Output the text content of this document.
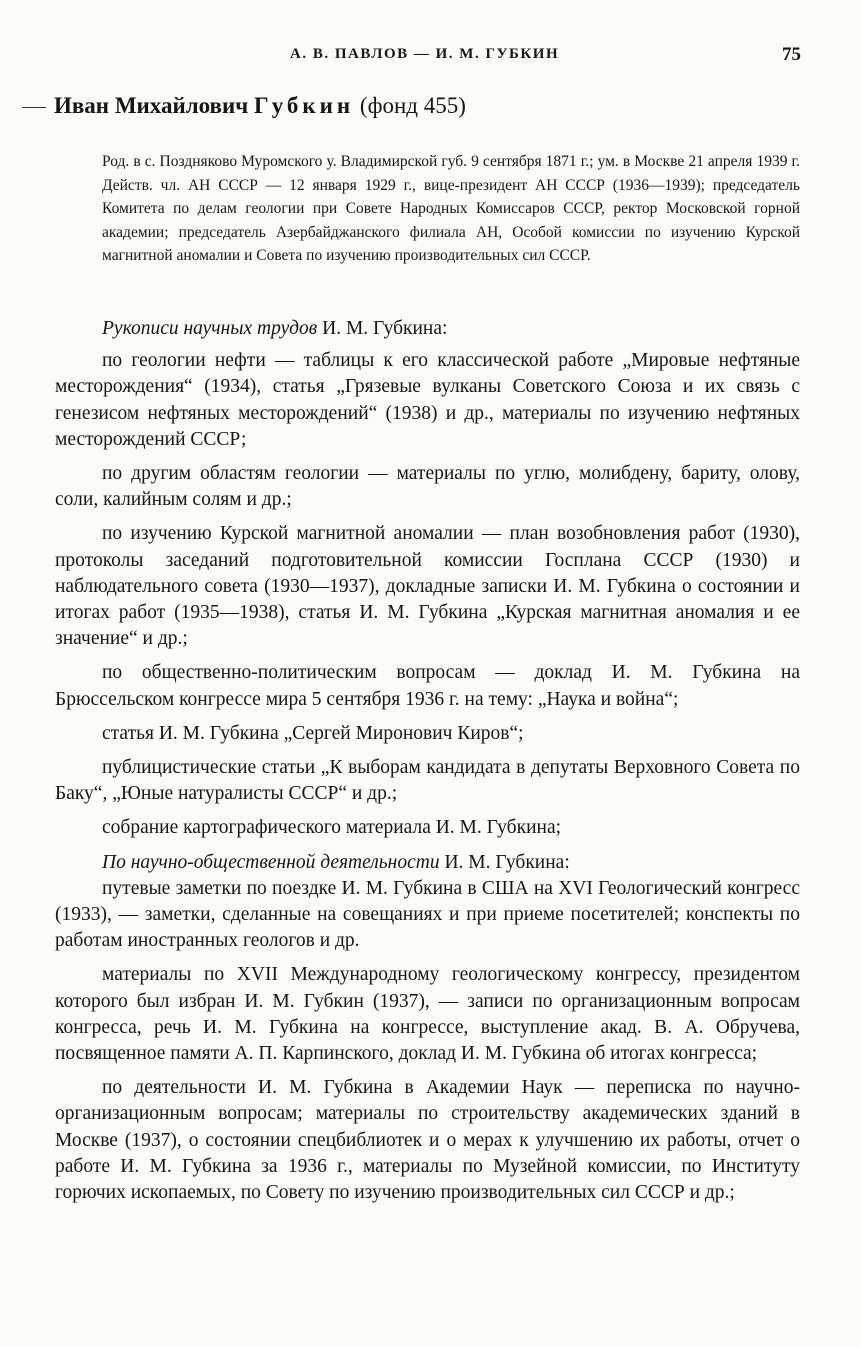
А. В. ПАВЛОВ — И. М. ГУБКИН	75
Иван Михайлович Губкин (фонд 455)
Род. в с. Поздняково Муромского у. Владимирской губ. 9 сентября 1871 г.; ум. в Москве 21 апреля 1939 г. Действ. чл. АН СССР — 12 января 1929 г., вице-президент АН СССР (1936—1939); председатель Комитета по делам геологии при Совете Народных Комиссаров СССР, ректор Московской горной академии; председатель Азербайджанского филиала АН, Особой комиссии по изучению Курской магнитной аномалии и Совета по изучению производительных сил СССР.

Рукописи научных трудов И. М. Губкина:

по геологии нефти — таблицы к его классической работе „Мировые нефтяные месторождения“ (1934), статья „Грязевые вулканы Советского Союза и их связь с генезисом нефтяных месторождений“ (1938) и др., материалы по изучению нефтяных месторождений СССР;

по другим областям геологии — материалы по углю, молибдену, бариту, олову, соли, калийным солям и др.;

по изучению Курской магнитной аномалии — план возобновления работ (1930), протоколы заседаний подготовительной комиссии Госплана СССР (1930) и наблюдательного совета (1930—1937), докладные записки И. М. Губкина о состоянии и итогах работ (1935—1938), статья И. М. Губкина „Курская магнитная аномалия и ее значение“ и др.;

по общественно-политическим вопросам — доклад И. М. Губкина на Брюссельском конгрессе мира 5 сентября 1936 г. на тему: „Наука и война“;

статья И. М. Губкина „Сергей Миронович Киров“;

публицистические статьи „К выборам кандидата в депутаты Верховного Совета по Баку“, „Юные натуралисты СССР“ и др.;

собрание картографического материала И. М. Губкина;

По научно-общественной деятельности И. М. Губкина:

путевые заметки по поездке И. М. Губкина в США на XVI Геологический конгресс (1933), — заметки, сделанные на совещаниях и при приеме посетителей; конспекты по работам иностранных геологов и др.

материалы по XVII Международному геологическому конгрессу, президентом которого был избран И. М. Губкин (1937), — записи по организационным вопросам конгресса, речь И. М. Губкина на конгрессе, выступление акад. В. А. Обручева, посвященное памяти А. П. Карпинского, доклад И. М. Губкина об итогах конгресса;

по деятельности И. М. Губкина в Академии Наук — переписка по научно-организационным вопросам; материалы по строительству академических зданий в Москве (1937), о состоянии спецбиблиотек и о мерах к улучшению их работы, отчет о работе И. М. Губкина за 1936 г., материалы по Музейной комиссии, по Институту горючих ископаемых, по Совету по изучению производительных сил СССР и др.;
